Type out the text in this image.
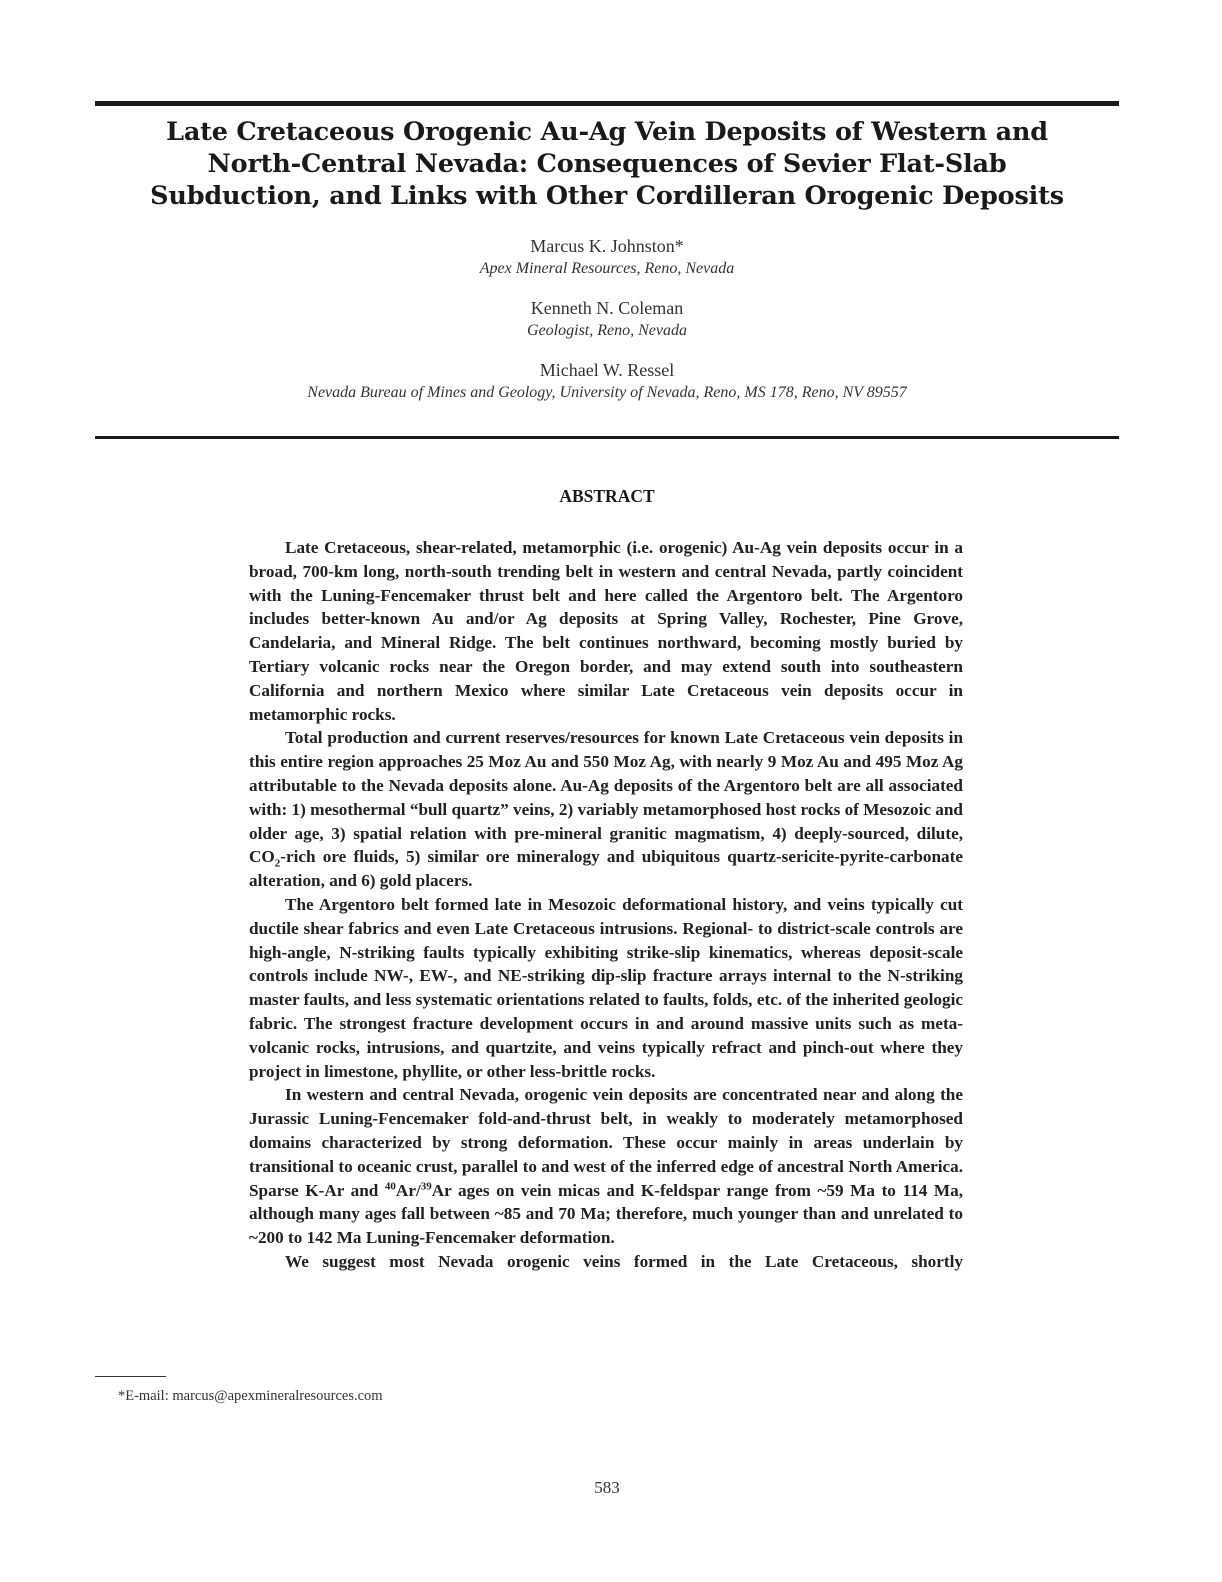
Late Cretaceous Orogenic Au-Ag Vein Deposits of Western and
North-Central Nevada: Consequences of Sevier Flat-Slab
Subduction, and Links with Other Cordilleran Orogenic Deposits
Marcus K. Johnston*
Apex Mineral Resources, Reno, Nevada
Kenneth N. Coleman
Geologist, Reno, Nevada
Michael W. Ressel
Nevada Bureau of Mines and Geology, University of Nevada, Reno, MS 178, Reno, NV 89557
ABSTRACT

Late Cretaceous, shear-related, metamorphic (i.e. orogenic) Au-Ag vein deposits occur in a broad, 700-km long, north-south trending belt in western and central Nevada, partly coincident with the Luning-Fencemaker thrust belt and here called the Argentoro belt. The Argentoro includes better-known Au and/or Ag deposits at Spring Valley, Rochester, Pine Grove, Candelaria, and Mineral Ridge. The belt continues northward, becoming mostly buried by Tertiary volcanic rocks near the Oregon border, and may extend south into southeastern California and northern Mexico where similar Late Cretaceous vein deposits occur in metamorphic rocks.

Total production and current reserves/resources for known Late Cretaceous vein deposits in this entire region approaches 25 Moz Au and 550 Moz Ag, with nearly 9 Moz Au and 495 Moz Ag attributable to the Nevada deposits alone. Au-Ag deposits of the Argentoro belt are all associated with: 1) mesothermal “bull quartz” veins, 2) variably metamorphosed host rocks of Mesozoic and older age, 3) spatial relation with pre-mineral granitic magmatism, 4) deeply-sourced, dilute, $CO_2$-rich ore fluids, 5) similar ore mineralogy and ubiquitous quartz-sericite-pyrite-carbonate alteration, and 6) gold placers.

The Argentoro belt formed late in Mesozoic deformational history, and veins typically cut ductile shear fabrics and even Late Cretaceous intrusions. Regional- to district-scale controls are high-angle, N-striking faults typically exhibiting strike-slip kinematics, whereas deposit-scale controls include NW-, EW-, and NE-striking dip-slip fracture arrays internal to the N-striking master faults, and less systematic orientations related to faults, folds, etc. of the inherited geologic fabric. The strongest fracture development occurs in and around massive units such as meta-volcanic rocks, intrusions, and quartzite, and veins typically refract and pinch-out where they project in limestone, phyllite, or other less-brittle rocks.

In western and central Nevada, orogenic vein deposits are concentrated near and along the Jurassic Luning-Fencemaker fold-and-thrust belt, in weakly to moderately metamorphosed domains characterized by strong deformation. These occur mainly in areas underlain by transitional to oceanic crust, parallel to and west of the inferred edge of ancestral North America. Sparse K-Ar and $^{40}$Ar/$^{39}$Ar ages on vein micas and K-feldspar range from ~59 Ma to 114 Ma, although many ages fall between ~85 and 70 Ma; therefore, much younger than and unrelated to ~200 to 142 Ma Luning-Fencemaker deformation.

We suggest most Nevada orogenic veins formed in the Late Cretaceous, shortly

*E-mail: marcus@apexmineralresources.com
583
